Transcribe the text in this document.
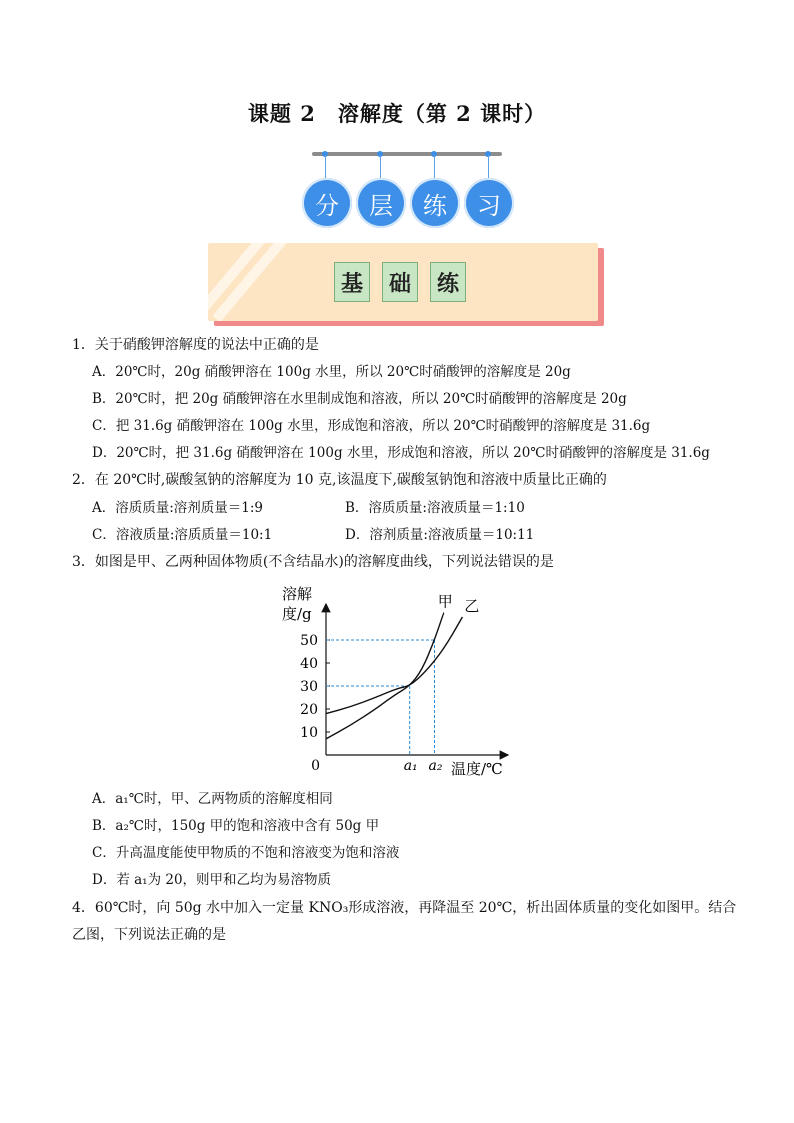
课题 2　溶解度（第 2 课时）
分	层	练	习
基	础	练
1．关于硝酸钾溶解度的说法中正确的是
A．20℃时，20g 硝酸钾溶在 100g 水里，所以 20℃时硝酸钾的溶解度是 20g
B．20℃时，把 20g 硝酸钾溶在水里制成饱和溶液，所以 20℃时硝酸钾的溶解度是 20g
C．把 31.6g 硝酸钾溶在 100g 水里，形成饱和溶液，所以 20℃时硝酸钾的溶解度是 31.6g
D．20℃时，把 31.6g 硝酸钾溶在 100g 水里，形成饱和溶液，所以 20℃时硝酸钾的溶解度是 31.6g
2．在 20℃时,碳酸氢钠的溶解度为 10 克,该温度下,碳酸氢钠饱和溶液中质量比正确的
A．溶质质量:溶剂质量＝1:9	B．溶质质量:溶液质量＝1:10
C．溶液质量:溶质质量＝10:1	D．溶剂质量:溶液质量＝10:11
3．如图是甲、乙两种固体物质(不含结晶水)的溶解度曲线，下列说法错误的是
溶解
度/g
0	温度/℃
10
20
30
40
50
甲 乙
a₁ a₂
A．a₁℃时，甲、乙两物质的溶解度相同
B．a₂℃时，150g 甲的饱和溶液中含有 50g 甲
C．升高温度能使甲物质的不饱和溶液变为饱和溶液
D．若 a₁为 20，则甲和乙均为易溶物质
4．60℃时，向 50g 水中加入一定量 KNO₃形成溶液，再降温至 20℃，析出固体质量的变化如图甲。结合
乙图，下列说法正确的是
